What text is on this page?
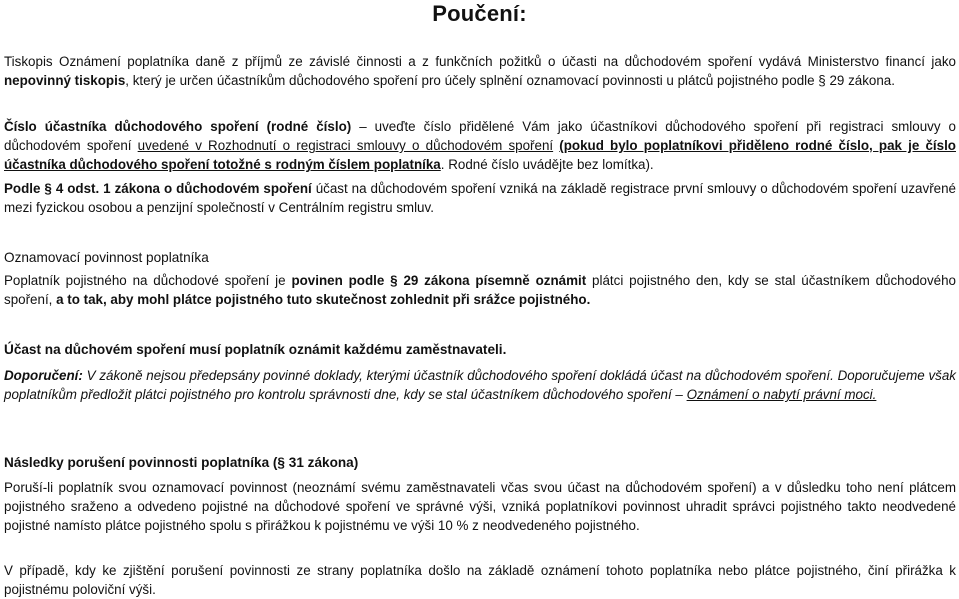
Poučení:

Tiskopis Oznámení poplatníka daně z příjmů ze závislé činnosti a z funkčních požitků o účasti na důchodovém spoření vydává Ministerstvo financí jako nepovinný tiskopis, který je určen účastníkům důchodového spoření pro účely splnění oznamovací povinnosti u plátců pojistného podle § 29 zákona.

Číslo účastníka důchodového spoření (rodné číslo) – uveďte číslo přidělené Vám jako účastníkovi důchodového spoření při registraci smlouvy o důchodovém spoření uvedené v Rozhodnutí o registraci smlouvy o důchodovém spoření (pokud bylo poplatníkovi přiděleno rodné číslo, pak je číslo účastníka důchodového spoření totožné s rodným číslem poplatníka. Rodné číslo uvádějte bez lomítka).

Podle § 4 odst. 1 zákona o důchodovém spoření účast na důchodovém spoření vzniká na základě registrace první smlouvy o důchodovém spoření uzavřené mezi fyzickou osobou a penzijní společností v Centrálním registru smluv.

Oznamovací povinnost poplatníka

Poplatník pojistného na důchodové spoření je povinen podle § 29 zákona písemně oznámit plátci pojistného den, kdy se stal účastníkem důchodového spoření, a to tak, aby mohl plátce pojistného tuto skutečnost zohlednit při srážce pojistného.

Účast na důchovém spoření musí poplatník oznámit každému zaměstnavateli.

Doporučení: V zákoně nejsou předepsány povinné doklady, kterými účastník důchodového spoření dokládá účast na důchodovém spoření. Doporučujeme však poplatníkům předložit plátci pojistného pro kontrolu správnosti dne, kdy se stal účastníkem důchodového spoření – Oznámení o nabytí právní moci.

Následky porušení povinnosti poplatníka (§ 31 zákona)

Poruší-li poplatník svou oznamovací povinnost (neoznámí svému zaměstnavateli včas svou účast na důchodovém spoření) a v důsledku toho není plátcem pojistného sraženo a odvedeno pojistné na důchodové spoření ve správné výši, vzniká poplatníkovi povinnost uhradit správci pojistného takto neodvedené pojistné namísto plátce pojistného spolu s přirážkou k pojistnému ve výši 10 % z neodvedeného pojistného.

V případě, kdy ke zjištění porušení povinnosti ze strany poplatníka došlo na základě oznámení tohoto poplatníka nebo plátce pojistného, činí přirážka k pojistnému poloviční výši.
